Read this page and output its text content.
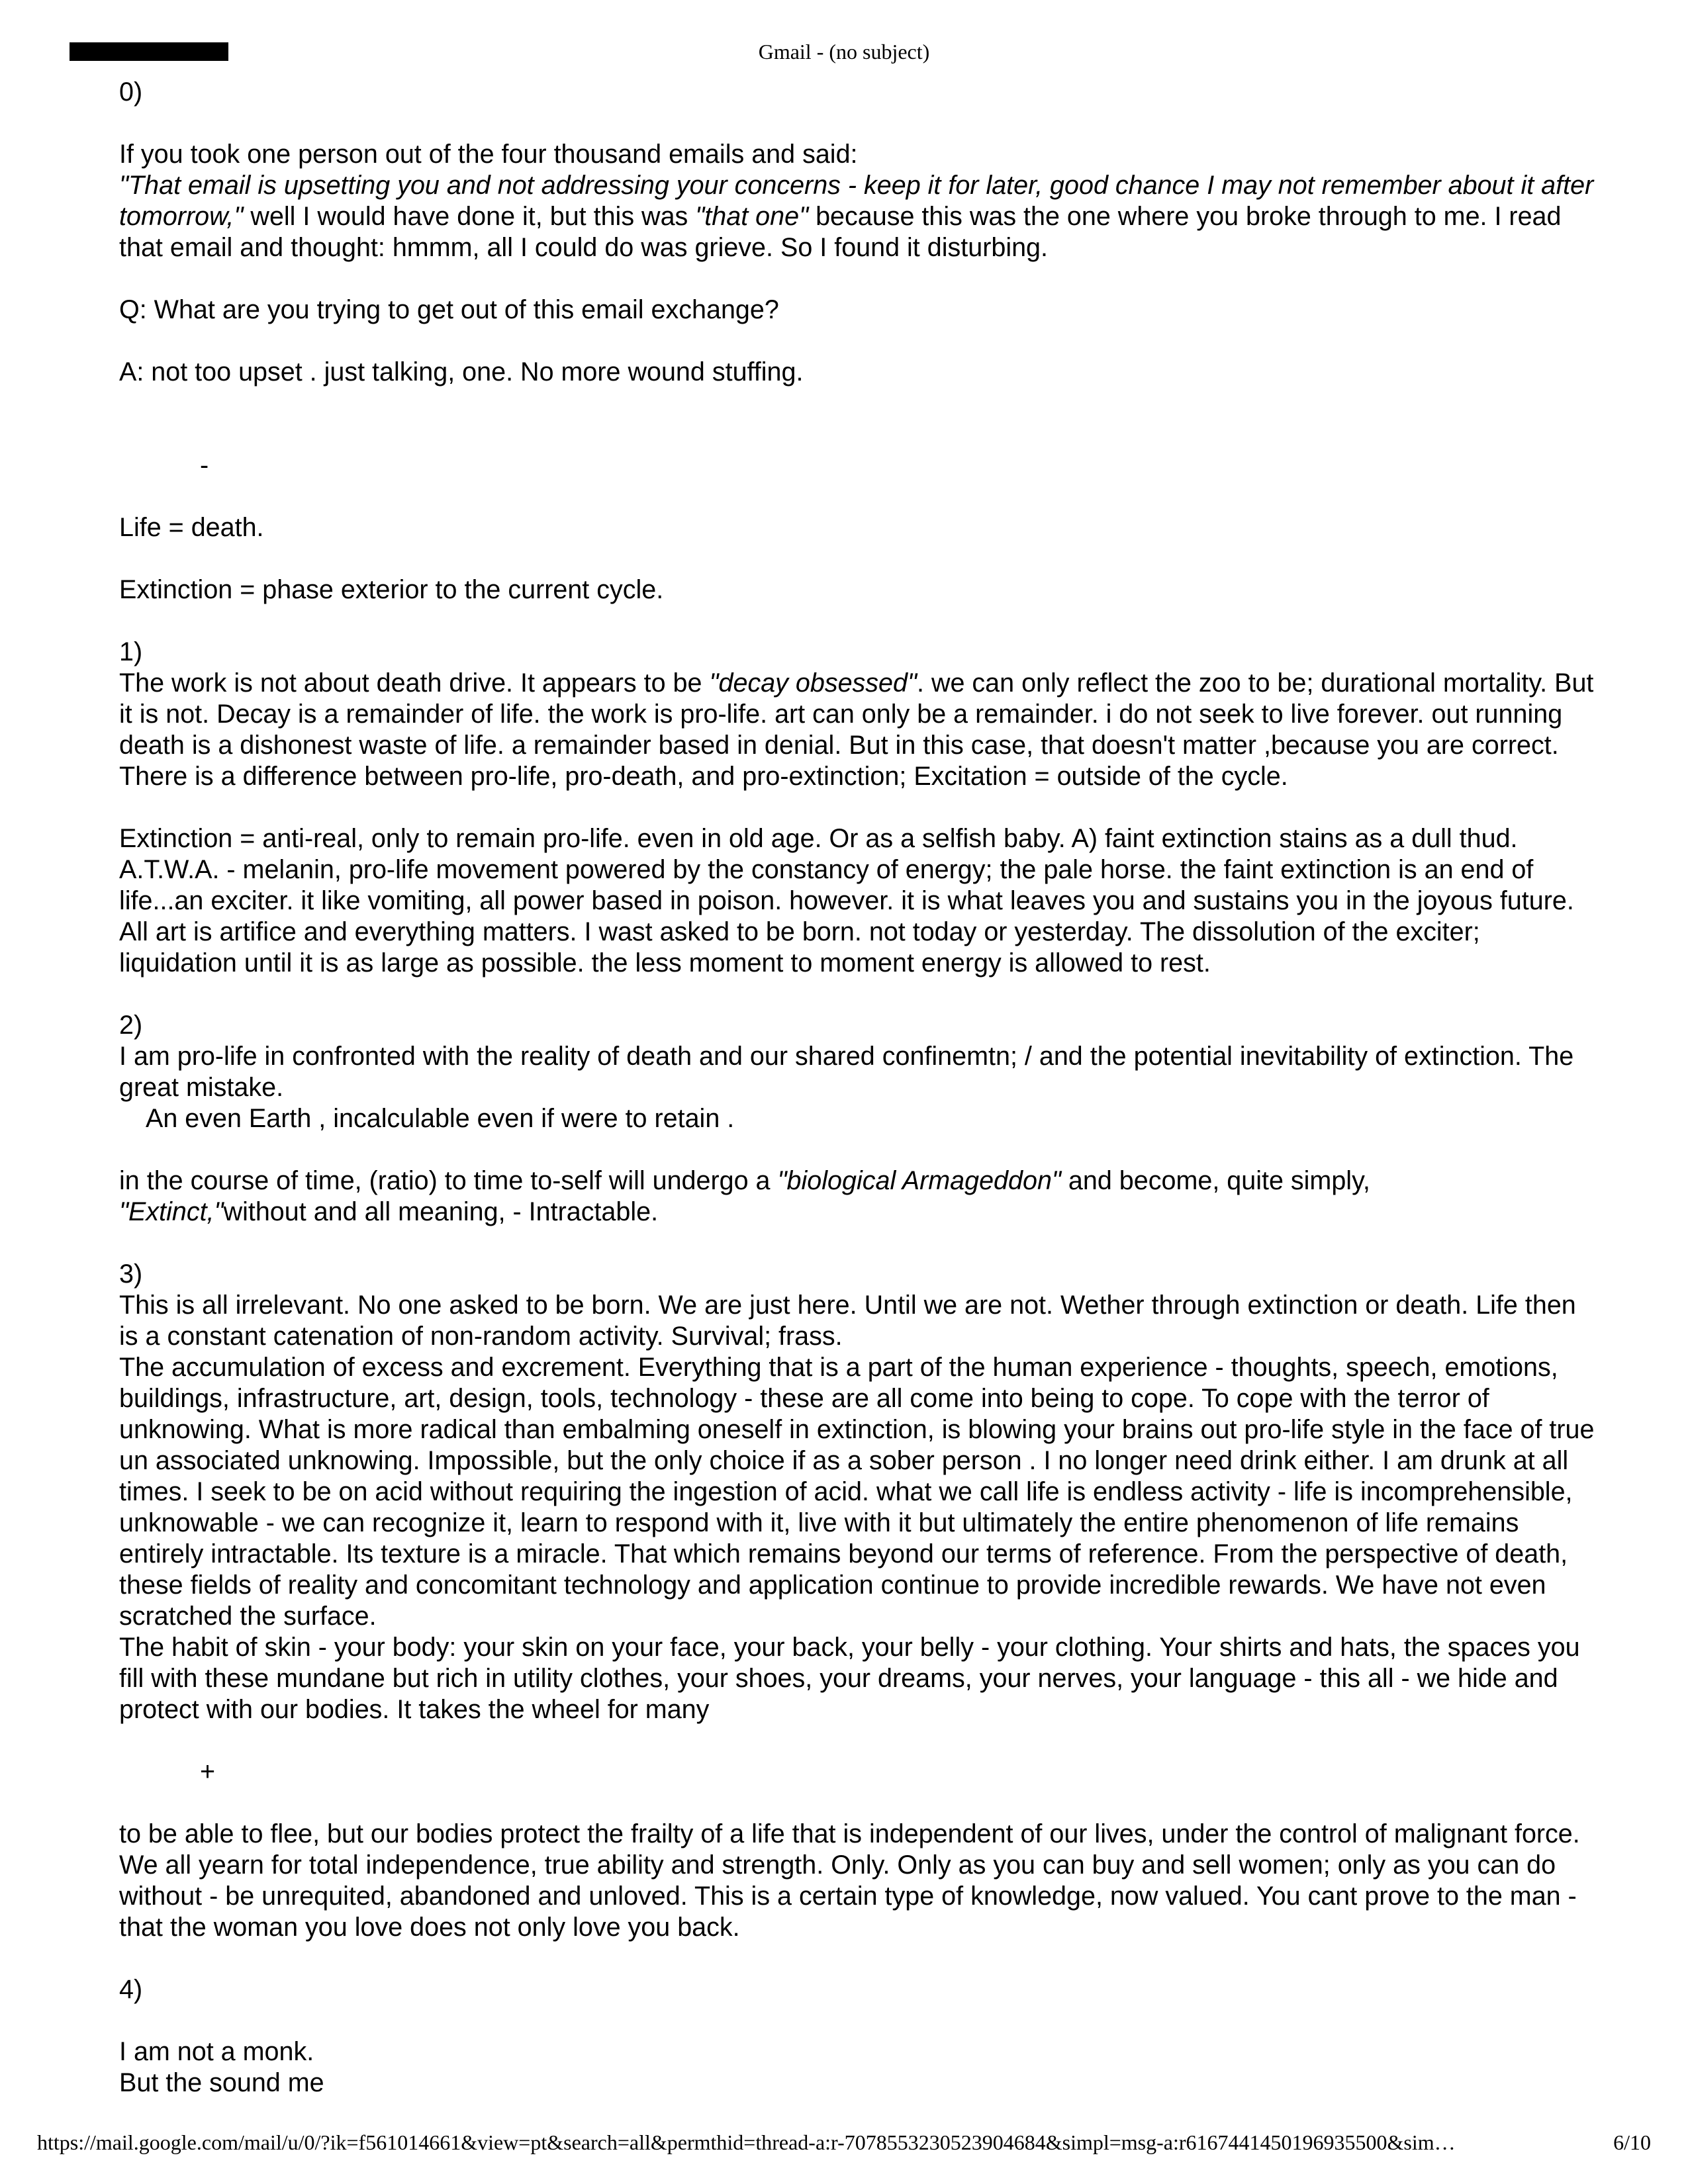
Gmail - (no subject)

0)

If you took one person out of the four thousand emails and said:

"That email is upsetting you and not addressing your concerns - keep it for later, good chance I may not remember about it after tomorrow," well I would have done it, but this was "that one" because this was the one where you broke through to me. I read that email and thought: hmmm, all I could do was grieve. So I found it disturbing.

Q: What are you trying to get out of this email exchange?

A: not too upset . just talking, one. No more wound stuffing.

-

Life = death.

Extinction = phase exterior to the current cycle.

1)

The work is not about death drive. It appears to be "decay obsessed". we can only reflect the zoo to be; durational mortality. But it is not. Decay is a remainder of life. the work is pro-life. art can only be a remainder. i do not seek to live forever. out running death is a dishonest waste of life. a remainder based in denial. But in this case, that doesn't matter ,because you are correct. There is a difference between pro-life, pro-death, and pro-extinction; Excitation = outside of the cycle.

Extinction = anti-real, only to remain pro-life. even in old age. Or as a selfish baby. A) faint extinction stains as a dull thud. A.T.W.A. - melanin, pro-life movement powered by the constancy of energy; the pale horse. the faint extinction is an end of life...an exciter. it like vomiting, all power based in poison. however. it is what leaves you and sustains you in the joyous future. All art is artifice and everything matters. I wast asked to be born. not today or yesterday. The dissolution of the exciter; liquidation until it is as large as possible. the less moment to moment energy is allowed to rest.

2)

I am pro-life in confronted with the reality of death and our shared confinemtn; / and the potential inevitability of extinction. The great mistake.

An even Earth , incalculable even if were to retain .

in the course of time, (ratio) to time to-self will undergo a "biological Armageddon" and become, quite simply,
"Extinct,"without and all meaning, - Intractable.

3)

This is all irrelevant. No one asked to be born. We are just here. Until we are not. Wether through extinction or death. Life then is a constant catenation of non-random activity. Survival; frass.

The accumulation of excess and excrement. Everything that is a part of the human experience - thoughts, speech, emotions, buildings, infrastructure, art, design, tools, technology - these are all come into being to cope. To cope with the terror of unknowing. What is more radical than embalming oneself in extinction, is blowing your brains out pro-life style in the face of true un associated unknowing. Impossible, but the only choice if as a sober person . I no longer need drink either. I am drunk at all times. I seek to be on acid without requiring the ingestion of acid. what we call life is endless activity - life is incomprehensible, unknowable - we can recognize it, learn to respond with it, live with it but ultimately the entire phenomenon of life remains entirely intractable. Its texture is a miracle. That which remains beyond our terms of reference. From the perspective of death, these fields of reality and concomitant technology and application continue to provide incredible rewards. We have not even scratched the surface.

The habit of skin - your body: your skin on your face, your back, your belly - your clothing. Your shirts and hats, the spaces you fill with these mundane but rich in utility clothes, your shoes, your dreams, your nerves, your language - this all - we hide and protect with our bodies. It takes the wheel for many

+

to be able to flee, but our bodies protect the frailty of a life that is independent of our lives, under the control of malignant force. We all yearn for total independence, true ability and strength. Only. Only as you can buy and sell women; only as you can do without - be unrequited, abandoned and unloved. This is a certain type of knowledge, now valued. You cant prove to the man - that the woman you love does not only love you back.

4)

I am not a monk.

But the sound me

https://mail.google.com/mail/u/0/?ik=f561014661&view=pt&search=all&permthid=thread-a:r-7078553230523904684&simpl=msg-a:r6167441450196935500&sim…	6/10
